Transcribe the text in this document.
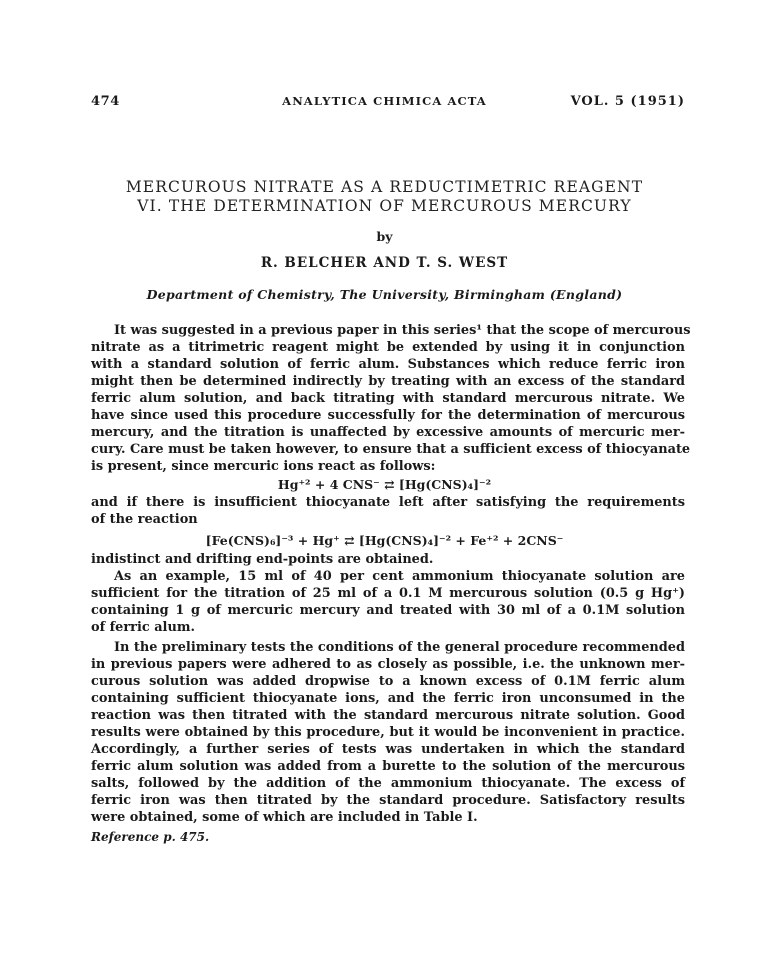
474	ANALYTICA CHIMICA ACTA	VOL. 5 (1951)
MERCUROUS NITRATE AS A REDUCTIMETRIC REAGENT
VI. THE DETERMINATION OF MERCUROUS MERCURY
by
R. BELCHER AND T. S. WEST
Department of Chemistry, The University, Birmingham (England)
It was suggested in a previous paper in this series¹ that the scope of mercurous
nitrate as a titrimetric reagent might be extended by using it in conjunction
with a standard solution of ferric alum. Substances which reduce ferric iron
might then be determined indirectly by treating with an excess of the standard
ferric alum solution, and back titrating with standard mercurous nitrate. We
have since used this procedure successfully for the determination of mercurous
mercury, and the titration is unaffected by excessive amounts of mercuric mer-
cury. Care must be taken however, to ensure that a sufficient excess of thiocyanate
is present, since mercuric ions react as follows:
Hg⁺² + 4 CNS⁻ ⇄ [Hg(CNS)₄]⁻²
and if there is insufficient thiocyanate left after satisfying the requirements
of the reaction
[Fe(CNS)₆]⁻³ + Hg⁺ ⇄ [Hg(CNS)₄]⁻² + Fe⁺² + 2CNS⁻
indistinct and drifting end-points are obtained.
As an example, 15 ml of 40 per cent ammonium thiocyanate solution are
sufficient for the titration of 25 ml of a 0.1 M mercurous solution (0.5 g Hg⁺)
containing 1 g of mercuric mercury and treated with 30 ml of a 0.1M solution
of ferric alum.
In the preliminary tests the conditions of the general procedure recommended
in previous papers were adhered to as closely as possible, i.e. the unknown mer-
curous solution was added dropwise to a known excess of 0.1M ferric alum
containing sufficient thiocyanate ions, and the ferric iron unconsumed in the
reaction was then titrated with the standard mercurous nitrate solution. Good
results were obtained by this procedure, but it would be inconvenient in practice.
Accordingly, a further series of tests was undertaken in which the standard
ferric alum solution was added from a burette to the solution of the mercurous
salts, followed by the addition of the ammonium thiocyanate. The excess of
ferric iron was then titrated by the standard procedure. Satisfactory results
were obtained, some of which are included in Table I.
Reference p. 475.
